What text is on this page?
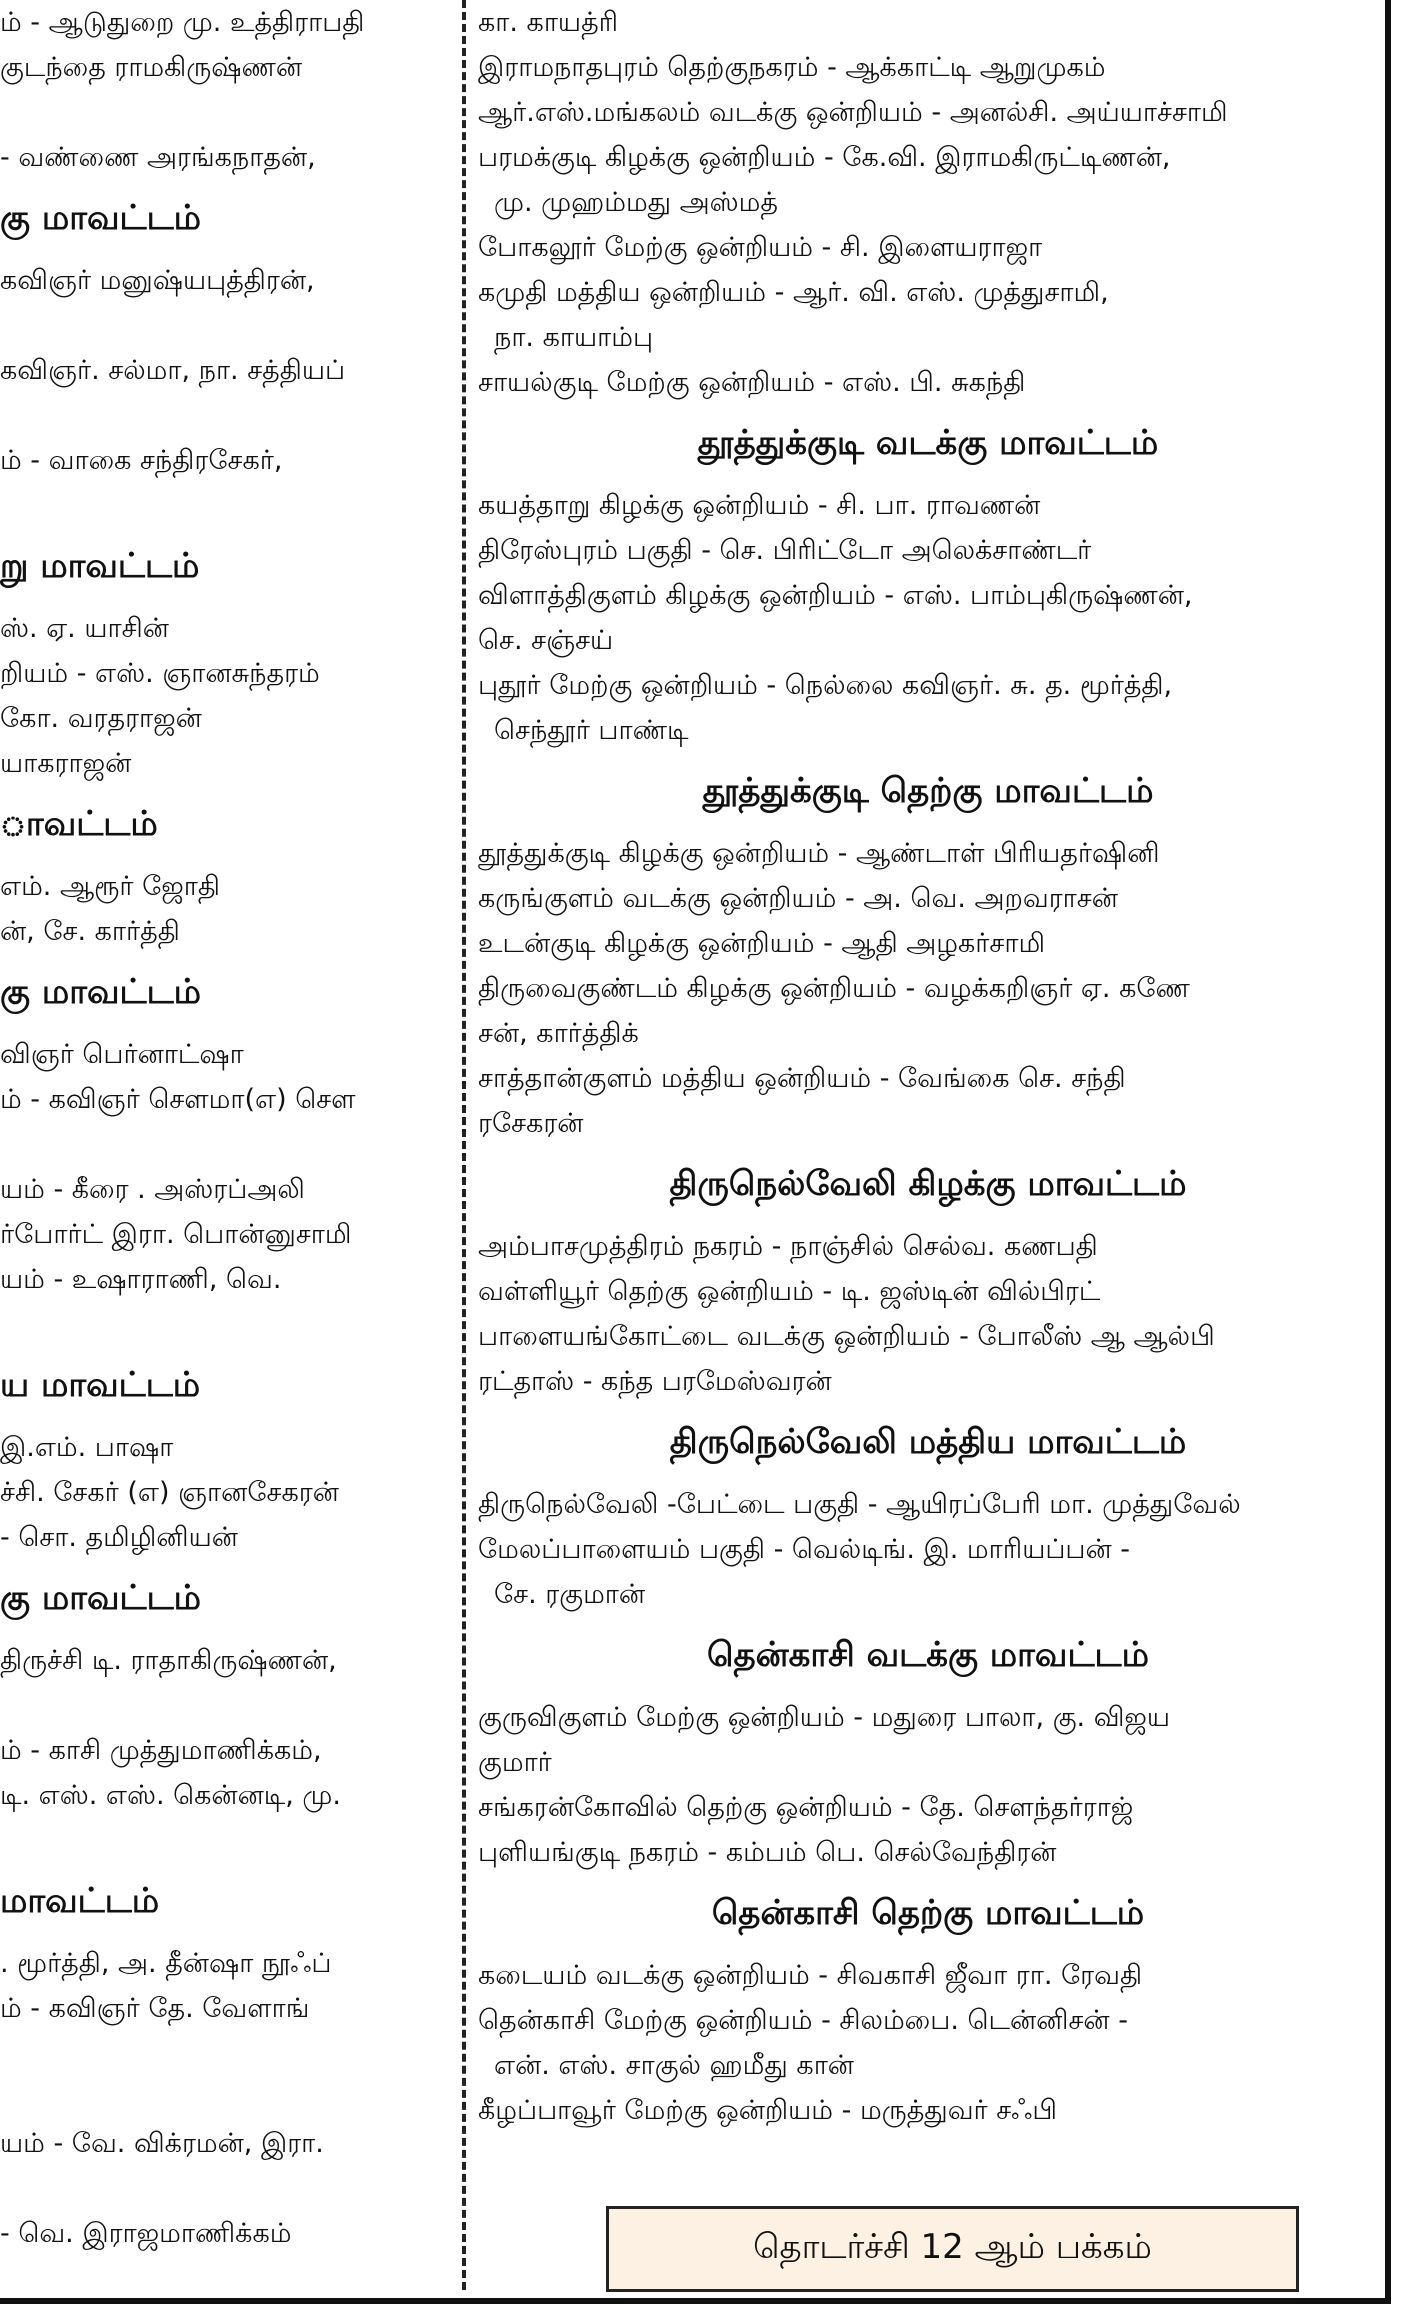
ம் - ஆடுதுறை மு. உத்திராபதி
குடந்தை ராமகிருஷ்ணன்

- வண்ணை அரங்கநாதன்,
கு மாவட்டம்
கவிஞர் மனுஷ்யபுத்திரன்,

கவிஞர். சல்மா, நா. சத்தியப்

ம் - வாகை சந்திரசேகர்,

று மாவட்டம்
ஸ். ஏ. யாசின்
றியம் - எஸ். ஞானசுந்தரம்
கோ. வரதராஜன்
யாகராஜன்
ாவட்டம்
எம். ஆரூர் ஜோதி
ன், சே. கார்த்தி
கு மாவட்டம்
விஞர் பெர்னாட்ஷா
ம் - கவிஞர் சௌமா(எ) சௌ

யம் - கீரை . அஸ்ரப்அலி
ர்போர்ட் இரா. பொன்னுசாமி
யம் - உஷாராணி, வெ.

ய மாவட்டம்
இ.எம். பாஷா
ச்சி. சேகர் (எ) ஞானசேகரன்
- சொ. தமிழினியன்
கு மாவட்டம்
திருச்சி டி. ராதாகிருஷ்ணன்,

ம் - காசி முத்துமாணிக்கம்,
டி. எஸ். எஸ். கென்னடி, மு.

மாவட்டம்
. மூர்த்தி, அ. தீன்ஷா நூஃப்
ம் - கவிஞர் தே. வேளாங்

யம் - வே. விக்ரமன், இரா.

- வெ. இராஜமாணிக்கம்
கா. காயத்ரி
இராமநாதபுரம் தெற்குநகரம் - ஆக்காட்டி ஆறுமுகம்
ஆர்.எஸ்.மங்கலம் வடக்கு ஒன்றியம் - அனல்சி. அய்யாச்சாமி
பரமக்குடி கிழக்கு ஒன்றியம் - கே.வி. இராமகிருட்டிணன்,
மு. முஹம்மது அஸ்மத்
போகலூர் மேற்கு ஒன்றியம் - சி. இளையராஜா
கமுதி மத்திய ஒன்றியம் - ஆர். வி. எஸ். முத்துசாமி,
நா. காயாம்பு
சாயல்குடி மேற்கு ஒன்றியம் - எஸ். பி. சுகந்தி
தூத்துக்குடி வடக்கு மாவட்டம்
கயத்தாறு கிழக்கு ஒன்றியம் - சி. பா. ராவணன்
திரேஸ்புரம் பகுதி - செ. பிரிட்டோ அலெக்சாண்டர்
விளாத்திகுளம் கிழக்கு ஒன்றியம் - எஸ். பாம்புகிருஷ்ணன்,
செ. சஞ்சய்
புதூர் மேற்கு ஒன்றியம் - நெல்லை கவிஞர். சு. த. மூர்த்தி,
செந்தூர் பாண்டி
தூத்துக்குடி தெற்கு மாவட்டம்
தூத்துக்குடி கிழக்கு ஒன்றியம் - ஆண்டாள் பிரியதர்ஷினி
கருங்குளம் வடக்கு ஒன்றியம் - அ. வெ. அறவராசன்
உடன்குடி கிழக்கு ஒன்றியம் - ஆதி அழகர்சாமி
திருவைகுண்டம் கிழக்கு ஒன்றியம் - வழக்கறிஞர் ஏ. கணே
சன், கார்த்திக்
சாத்தான்குளம் மத்திய ஒன்றியம் - வேங்கை செ. சந்தி
ரசேகரன்
திருநெல்வேலி கிழக்கு மாவட்டம்
அம்பாசமுத்திரம் நகரம் - நாஞ்சில் செல்வ. கணபதி
வள்ளியூர் தெற்கு ஒன்றியம் - டி. ஜஸ்டின் வில்பிரட்
பாளையங்கோட்டை வடக்கு ஒன்றியம் - போலீஸ் ஆ ஆல்பி
ரட்தாஸ் - கந்த பரமேஸ்வரன்
திருநெல்வேலி மத்திய மாவட்டம்
திருநெல்வேலி -பேட்டை பகுதி - ஆயிரப்பேரி மா. முத்துவேல்
மேலப்பாளையம் பகுதி - வெல்டிங். இ. மாரியப்பன் -
சே. ரகுமான்
தென்காசி வடக்கு மாவட்டம்
குருவிகுளம் மேற்கு ஒன்றியம் - மதுரை பாலா, கு. விஜய
குமார்
சங்கரன்கோவில் தெற்கு ஒன்றியம் - தே. சௌந்தர்ராஜ்
புளியங்குடி நகரம் - கம்பம் பெ. செல்வேந்திரன்
தென்காசி தெற்கு மாவட்டம்
கடையம் வடக்கு ஒன்றியம் - சிவகாசி ஜீவா ரா. ரேவதி
தென்காசி மேற்கு ஒன்றியம் - சிலம்பை. டென்னிசன் -
என். எஸ். சாகுல் ஹமீது கான்
கீழப்பாவூர் மேற்கு ஒன்றியம் - மருத்துவர் சஃபி
தொடர்ச்சி 12 ஆம் பக்கம்
